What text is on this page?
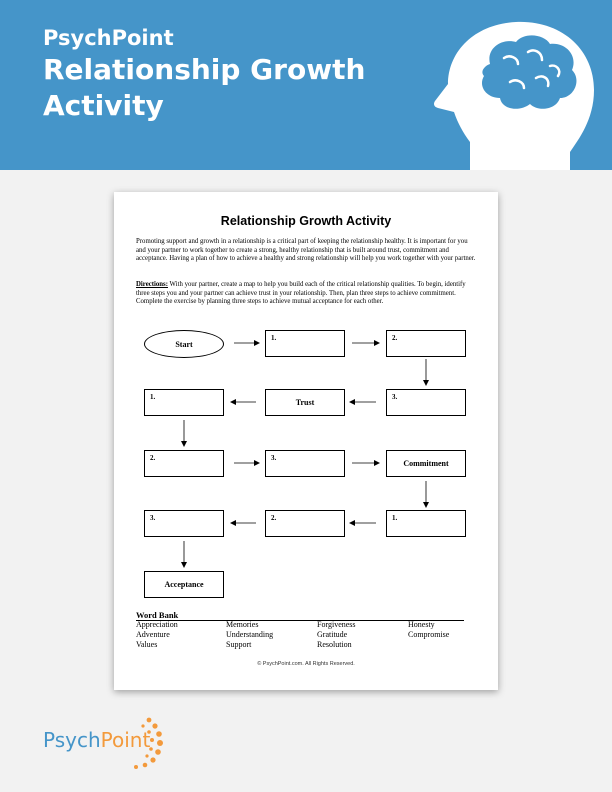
PsychPoint
Relationship Growth Activity
Relationship Growth Activity
Promoting support and growth in a relationship is a critical part of keeping the relationship healthy. It is important for you and your partner to work together to create a strong, healthy relationship that is built around trust, commitment and acceptance. Having a plan of how to achieve a healthy and strong relationship will help you work together with your partner.
Directions: With your partner, create a map to help you build each of the critical relationship qualities. To begin, identify three steps you and your partner can achieve trust in your relationship. Then, plan three steps to achieve commitment. Complete the exercise by planning three steps to achieve mutual acceptance for each other.
Start
1.	2.
3.
Trust
1.
2.	3.
Commitment
1.
2.
3.
Acceptance
Word Bank
Appreciation
Adventure
Values
Memories
Understanding
Support
Forgiveness
Gratitude
Resolution
Honesty
Compromise
© PsychPoint.com. All Rights Reserved.
PsychPoint
